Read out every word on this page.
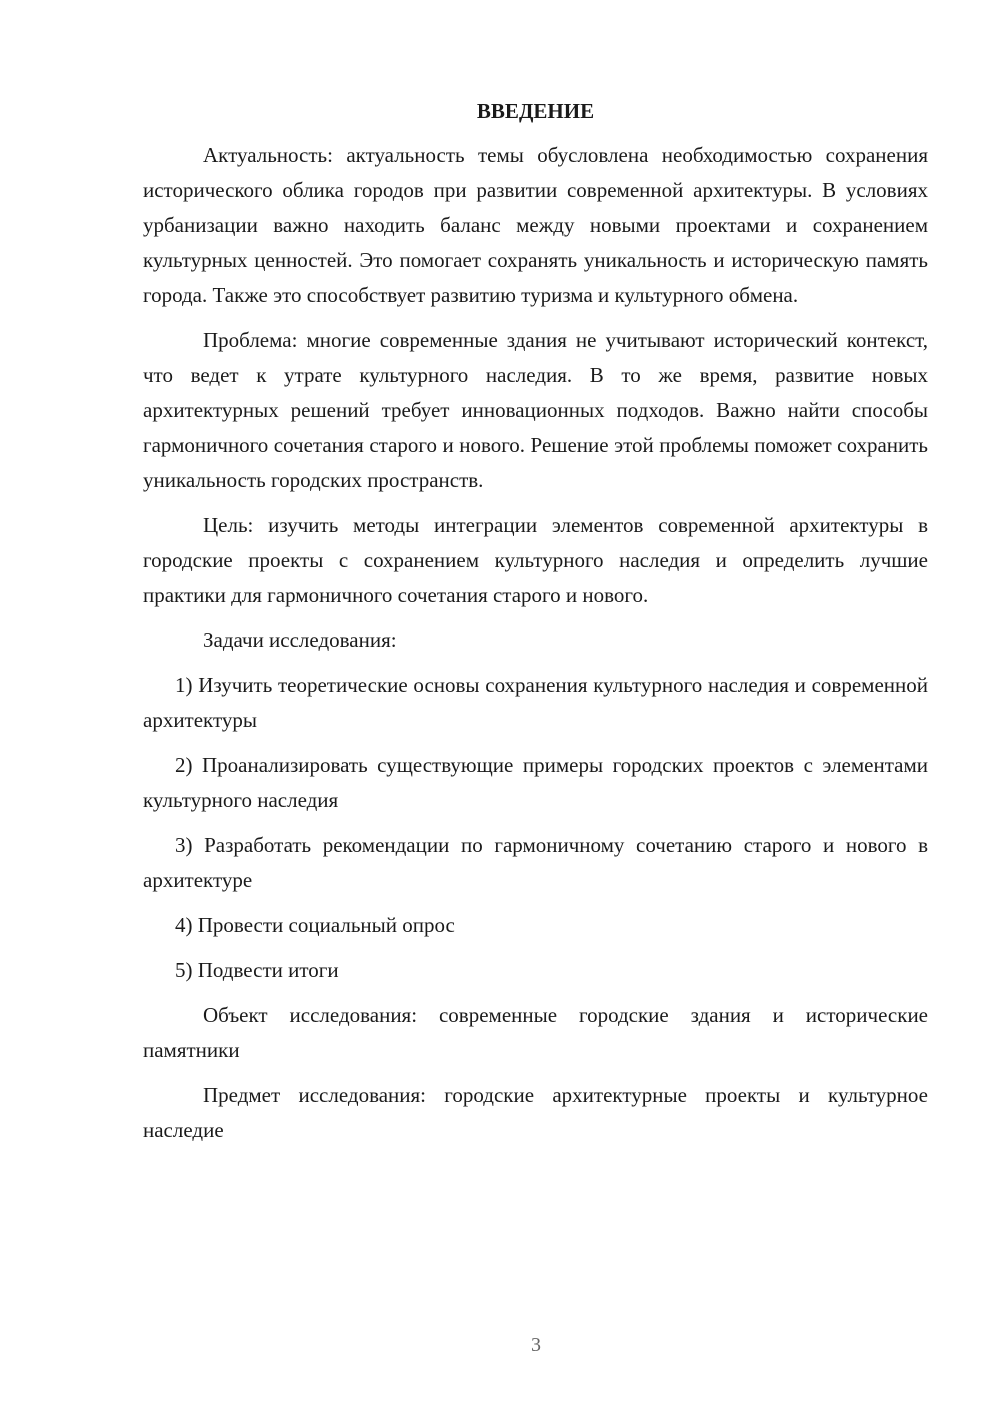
ВВЕДЕНИЕ

Актуальность: актуальность темы обусловлена необходимостью сохранения исторического облика городов при развитии современной архитектуры. В условиях урбанизации важно находить баланс между новыми проектами и сохранением культурных ценностей. Это помогает сохранять уникальность и историческую память города. Также это способствует развитию туризма и культурного обмена.

Проблема: многие современные здания не учитывают исторический контекст, что ведет к утрате культурного наследия. В то же время, развитие новых архитектурных решений требует инновационных подходов. Важно найти способы гармоничного сочетания старого и нового. Решение этой проблемы поможет сохранить уникальность городских пространств.

Цель: изучить методы интеграции элементов современной архитектуры в городские проекты с сохранением культурного наследия и определить лучшие практики для гармоничного сочетания старого и нового.

Задачи исследования:

1) Изучить теоретические основы сохранения культурного наследия и современной архитектуры

2) Проанализировать существующие примеры городских проектов с элементами культурного наследия

3) Разработать рекомендации по гармоничному сочетанию старого и нового в архитектуре

4) Провести социальный опрос

5) Подвести итоги

Объект исследования: современные городские здания и исторические памятники

Предмет исследования: городские архитектурные проекты и культурное наследие

3
